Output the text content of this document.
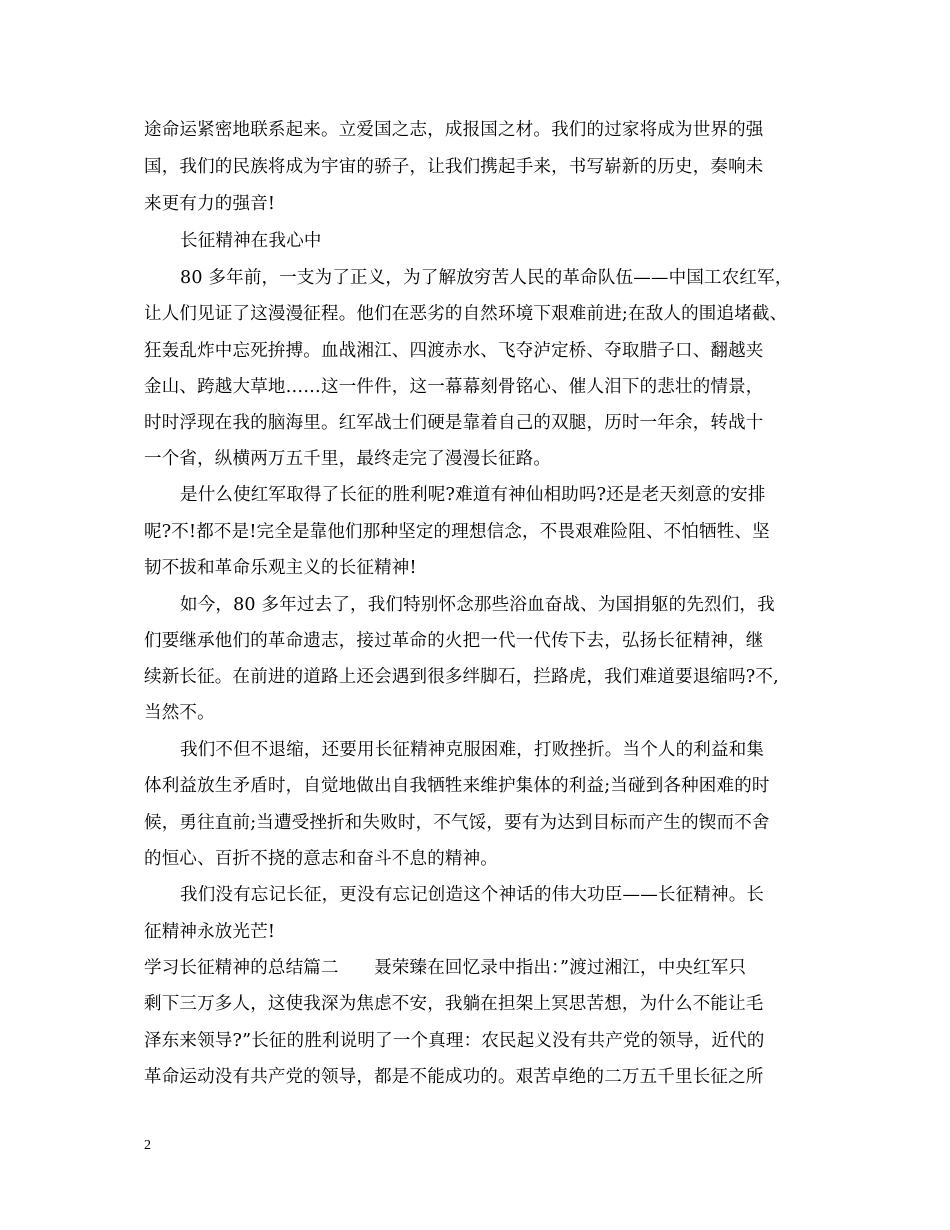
途命运紧密地联系起来。立爱国之志，成报国之材。我们的过家将成为世界的强
国，我们的民族将成为宇宙的骄子，让我们携起手来，书写崭新的历史，奏响未
来更有力的强音!
长征精神在我心中
80 多年前，一支为了正义，为了解放穷苦人民的革命队伍——中国工农红军，
让人们见证了这漫漫征程。他们在恶劣的自然环境下艰难前进;在敌人的围追堵截、
狂轰乱炸中忘死拚搏。血战湘江、四渡赤水、飞夺泸定桥、夺取腊子口、翻越夹
金山、跨越大草地……这一件件，这一幕幕刻骨铭心、催人泪下的悲壮的情景，
时时浮现在我的脑海里。红军战士们硬是靠着自己的双腿，历时一年余，转战十
一个省，纵横两万五千里，最终走完了漫漫长征路。
是什么使红军取得了长征的胜利呢?难道有神仙相助吗?还是老天刻意的安排
呢?不!都不是!完全是靠他们那种坚定的理想信念，不畏艰难险阻、不怕牺牲、坚
韧不拔和革命乐观主义的长征精神!
如今，80 多年过去了，我们特别怀念那些浴血奋战、为国捐躯的先烈们，我
们要继承他们的革命遗志，接过革命的火把一代一代传下去，弘扬长征精神，继
续新长征。在前进的道路上还会遇到很多绊脚石，拦路虎，我们难道要退缩吗?不,
当然不。
我们不但不退缩，还要用长征精神克服困难，打败挫折。当个人的利益和集
体利益放生矛盾时，自觉地做出自我牺牲来维护集体的利益;当碰到各种困难的时
候，勇往直前;当遭受挫折和失败时，不气馁，要有为达到目标而产生的锲而不舍
的恒心、百折不挠的意志和奋斗不息的精神。
我们没有忘记长征，更没有忘记创造这个神话的伟大功臣——长征精神。长
征精神永放光芒!
学习长征精神的总结篇二　　聂荣臻在回忆录中指出：”渡过湘江，中央红军只
剩下三万多人，这使我深为焦虑不安，我躺在担架上冥思苦想，为什么不能让毛
泽东来领导?”长征的胜利说明了一个真理：农民起义没有共产党的领导，近代的
革命运动没有共产党的领导，都是不能成功的。艰苦卓绝的二万五千里长征之所
2
